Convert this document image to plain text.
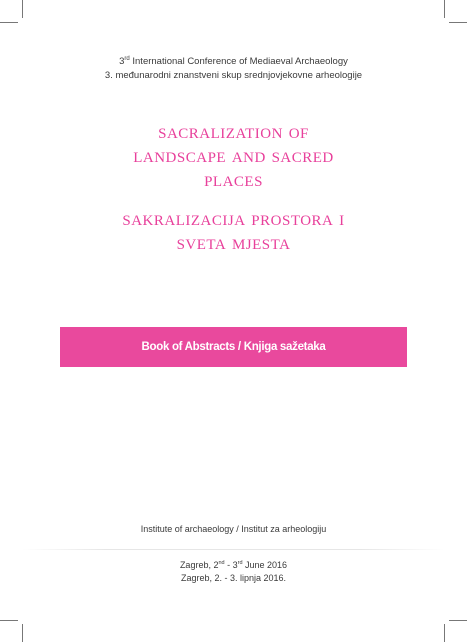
3rd International Conference of Mediaeval Archaeology
3. međunarodni znanstveni skup srednjovjekovne arheologije
sacralization of
landscape and sacred
places
sakralizacija prostora i
sveta mjesta
Book of Abstracts / Knjiga sažetaka
Institute of archaeology / Institut za arheologiju
Zagreb, 2nd - 3rd June 2016
Zagreb, 2. - 3. lipnja 2016.
